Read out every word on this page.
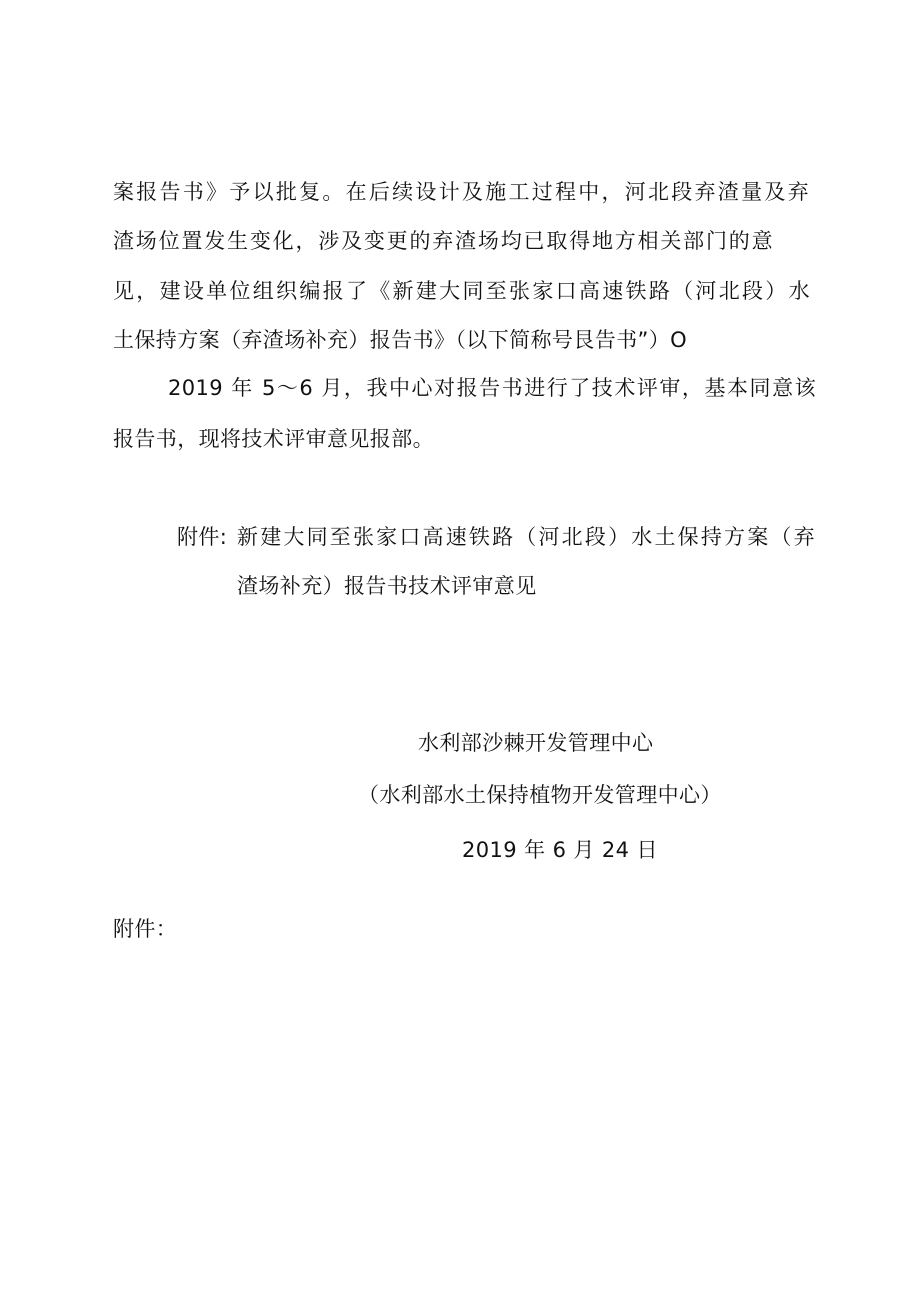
案报告书》予以批复。在后续设计及施工过程中，河北段弃渣量及弃
渣场位置发生变化，涉及变更的弃渣场均已取得地方相关部门的意
见，建设单位组织编报了《新建大同至张家口高速铁路（河北段）水
土保持方案（弃渣场补充）报告书》（以下简称号艮告书”）O
2019 年 5〜6 月，我中心对报告书进行了技术评审，基本同意该
报告书，现将技术评审意见报部。
附件: 新建大同至张家口高速铁路（河北段）水土保持方案（弃
渣场补充）报告书技术评审意见
水利部沙棘开发管理中心
（水利部水土保持植物开发管理中心）
2019 年 6 月 24 日
附件：
